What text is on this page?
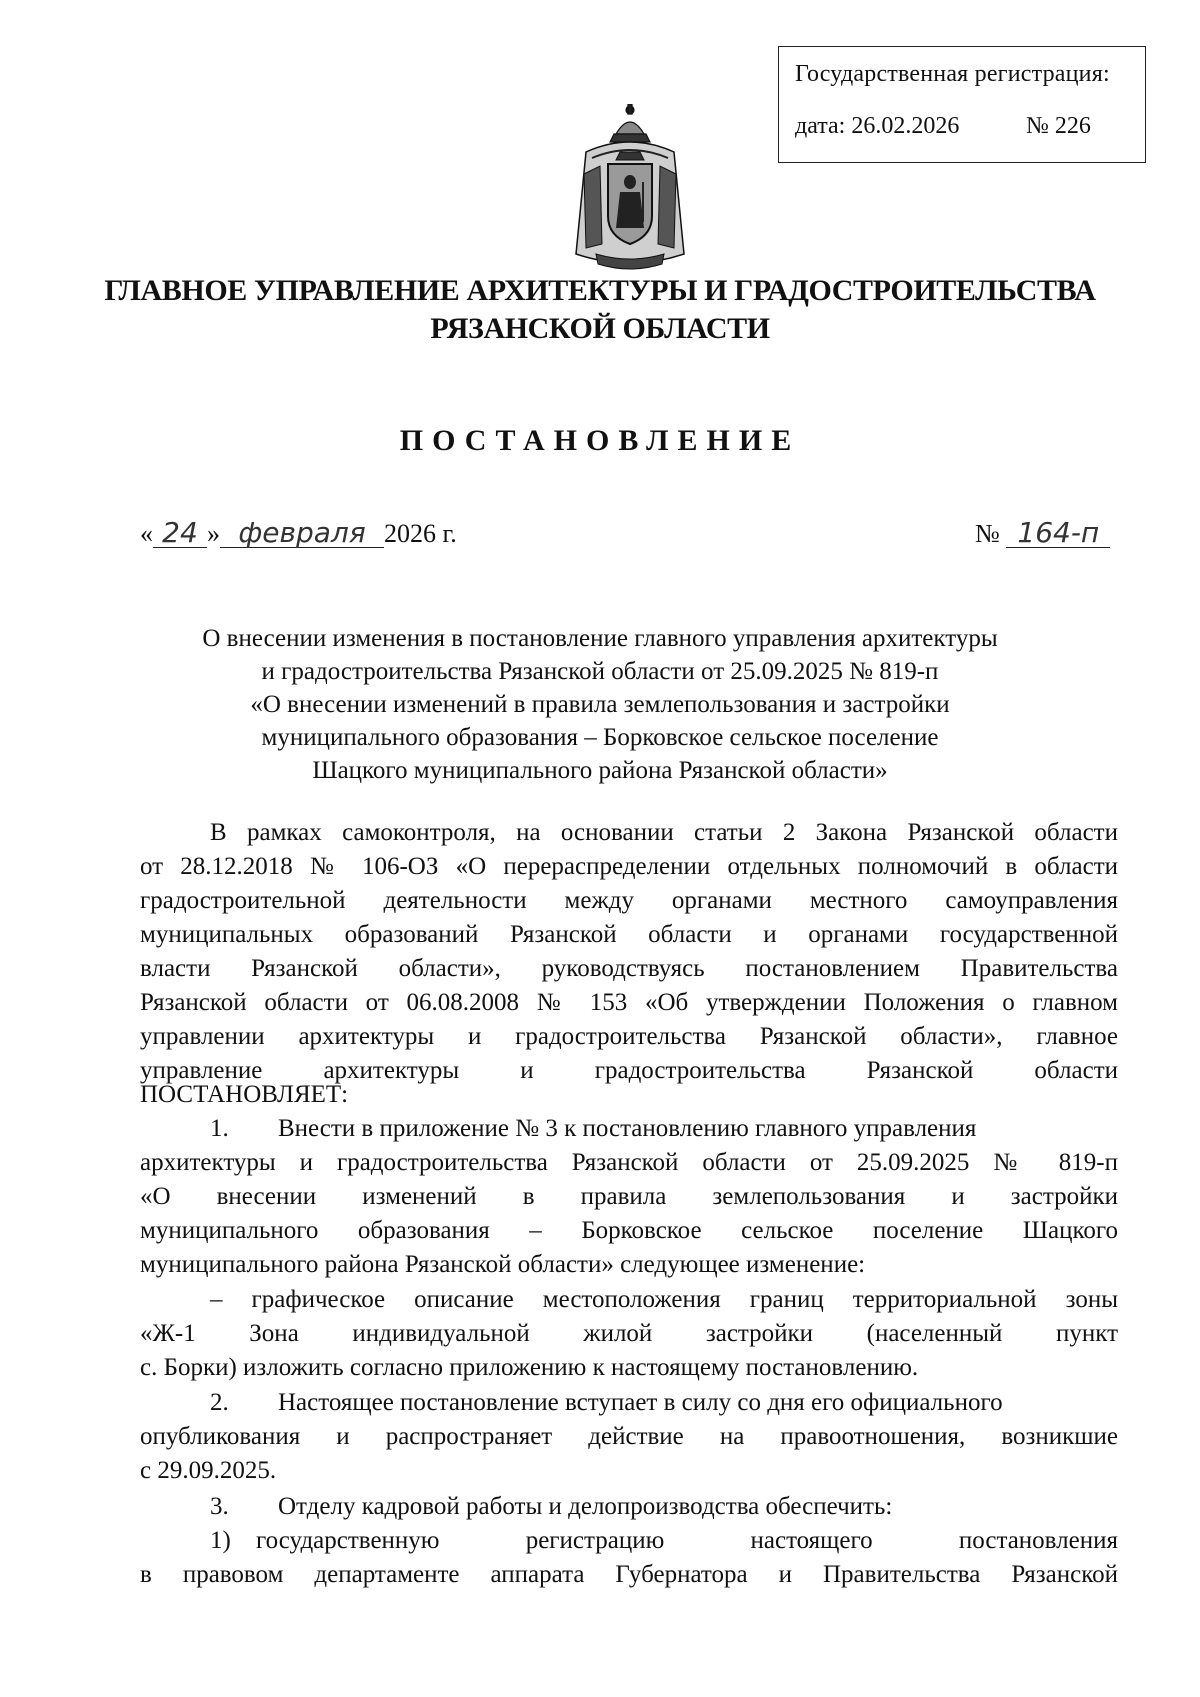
Государственная регистрация:
дата: 26.02.2026	№ 226
ГЛАВНОЕ УПРАВЛЕНИЕ АРХИТЕКТУРЫ И ГРАДОСТРОИТЕЛЬСТВА
РЯЗАНСКОЙ ОБЛАСТИ
ПОСТАНОВЛЕНИЕ
« 24 » февраля 2026 г.	№ 164-п
О внесении изменения в постановление главного управления архитектуры
и градостроительства Рязанской области от 25.09.2025 № 819-п
«О внесении изменений в правила землепользования и застройки
муниципального образования – Борковское сельское поселение
Шацкого муниципального района Рязанской области»
В рамках самоконтроля, на основании статьи 2 Закона Рязанской области
от 28.12.2018 № 106-ОЗ «О перераспределении отдельных полномочий в области
градостроительной деятельности между органами местного самоуправления
муниципальных образований Рязанской области и органами государственной
власти Рязанской области», руководствуясь постановлением Правительства
Рязанской области от 06.08.2008 № 153 «Об утверждении Положения о главном
управлении архитектуры и градостроительства Рязанской области», главное
управление архитектуры и градостроительства Рязанской области
ПОСТАНОВЛЯЕТ:
1. Внести в приложение № 3 к постановлению главного управления
архитектуры и градостроительства Рязанской области от 25.09.2025 № 819-п
«О внесении изменений в правила землепользования и застройки
муниципального образования – Борковское сельское поселение Шацкого
муниципального района Рязанской области» следующее изменение:
– графическое описание местоположения границ территориальной зоны
«Ж-1 Зона индивидуальной жилой застройки (населенный пункт
с. Борки) изложить согласно приложению к настоящему постановлению.
2. Настоящее постановление вступает в силу со дня его официального
опубликования и распространяет действие на правоотношения, возникшие
с 29.09.2025.
3. Отделу кадровой работы и делопроизводства обеспечить:
1)	государственную регистрацию настоящего постановления
в правовом департаменте аппарата Губернатора и Правительства Рязанской
